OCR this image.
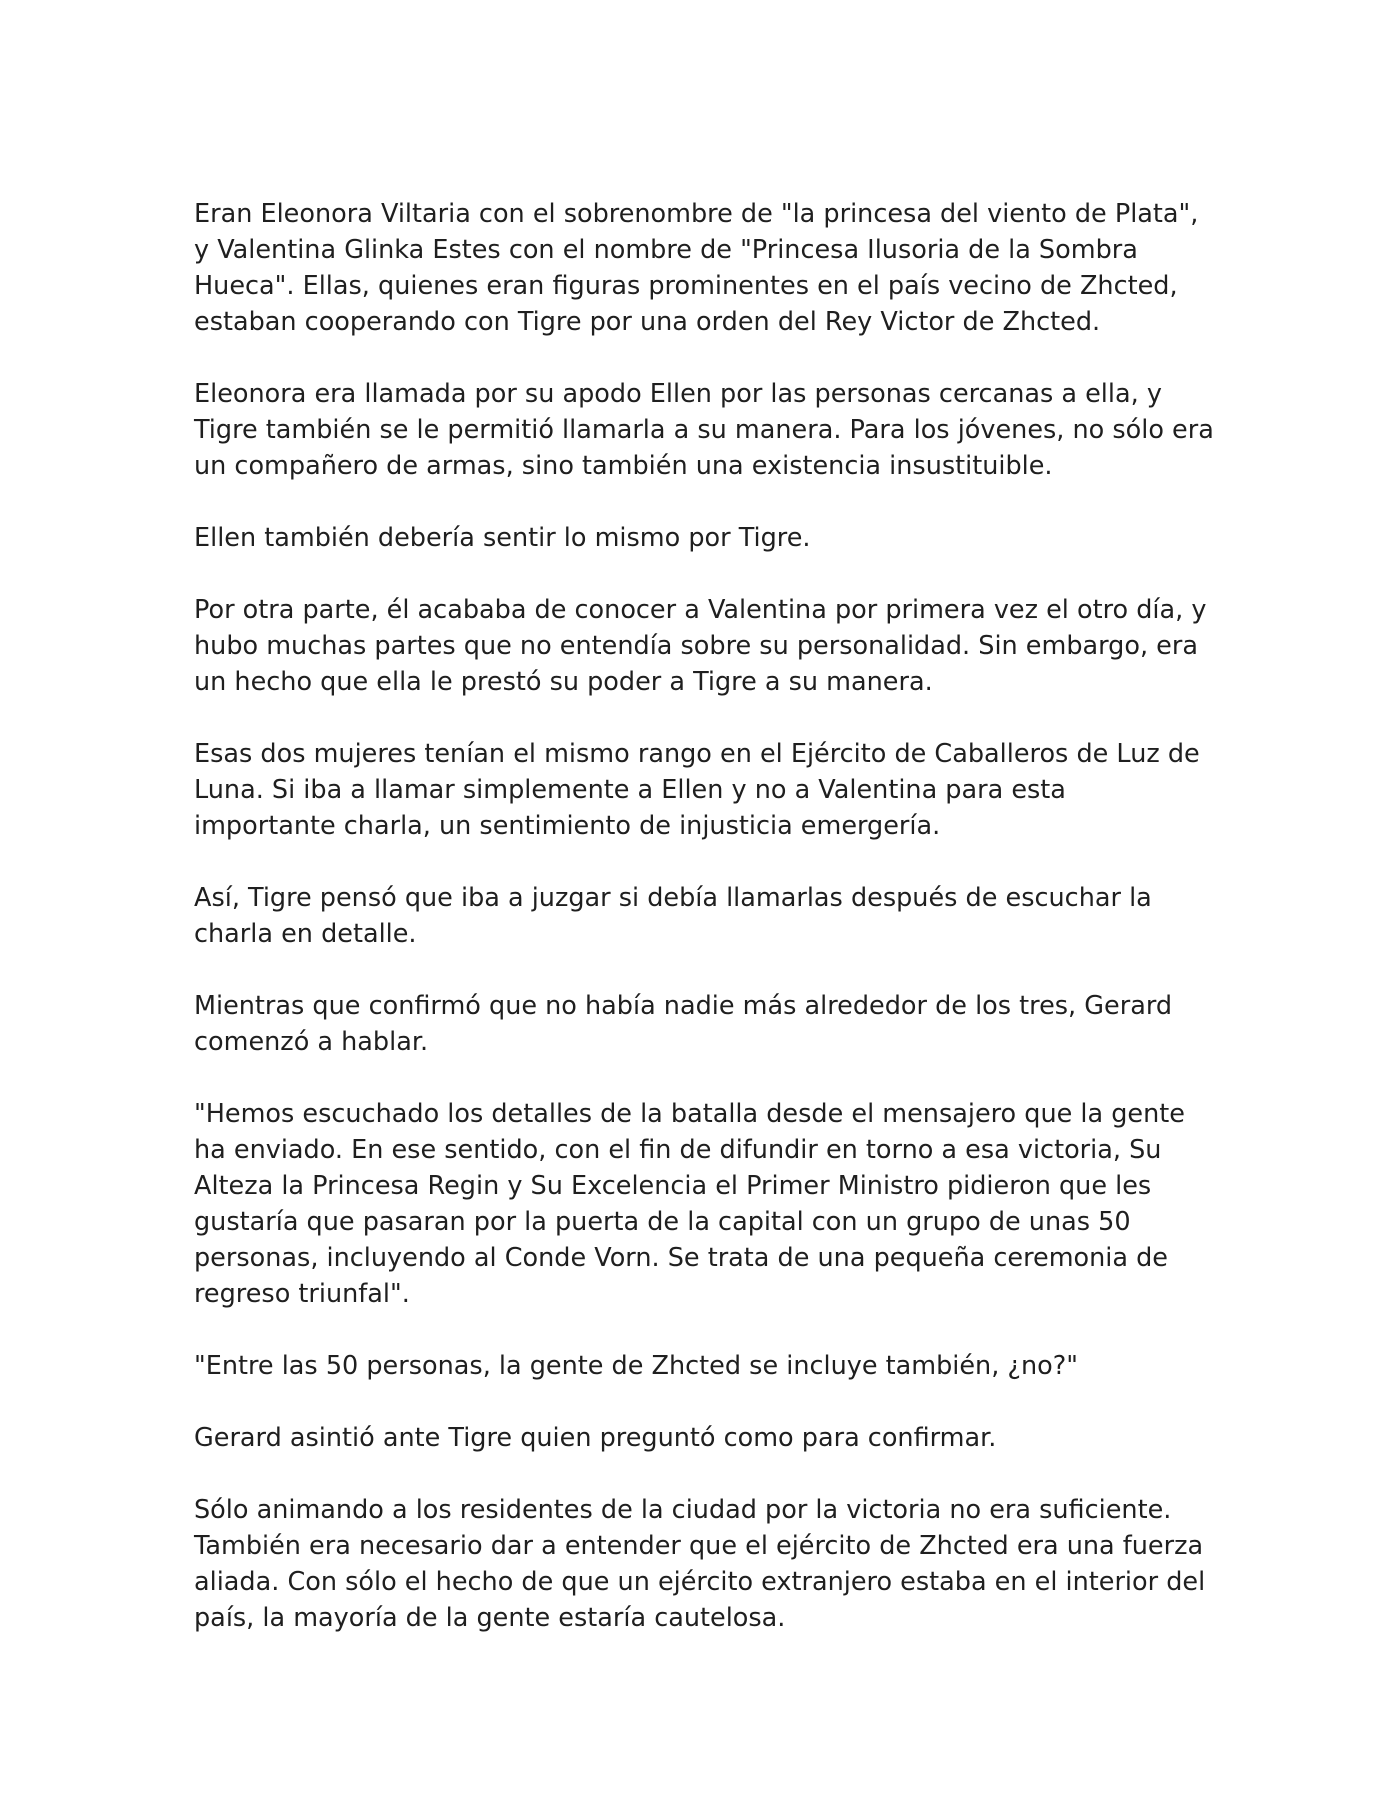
Eran Eleonora Viltaria con el sobrenombre de "la princesa del viento de Plata", y Valentina Glinka Estes con el nombre de "Princesa Ilusoria de la Sombra Hueca". Ellas, quienes eran figuras prominentes en el país vecino de Zhcted, estaban cooperando con Tigre por una orden del Rey Victor de Zhcted.

Eleonora era llamada por su apodo Ellen por las personas cercanas a ella, y Tigre también se le permitió llamarla a su manera. Para los jóvenes, no sólo era un compañero de armas, sino también una existencia insustituible.

Ellen también debería sentir lo mismo por Tigre.

Por otra parte, él acababa de conocer a Valentina por primera vez el otro día, y hubo muchas partes que no entendía sobre su personalidad. Sin embargo, era un hecho que ella le prestó su poder a Tigre a su manera.

Esas dos mujeres tenían el mismo rango en el Ejército de Caballeros de Luz de Luna. Si iba a llamar simplemente a Ellen y no a Valentina para esta importante charla, un sentimiento de injusticia emergería.

Así, Tigre pensó que iba a juzgar si debía llamarlas después de escuchar la charla en detalle.

Mientras que confirmó que no había nadie más alrededor de los tres, Gerard comenzó a hablar.

"Hemos escuchado los detalles de la batalla desde el mensajero que la gente ha enviado. En ese sentido, con el fin de difundir en torno a esa victoria, Su Alteza la Princesa Regin y Su Excelencia el Primer Ministro pidieron que les gustaría que pasaran por la puerta de la capital con un grupo de unas 50 personas, incluyendo al Conde Vorn. Se trata de una pequeña ceremonia de regreso triunfal".

"Entre las 50 personas, la gente de Zhcted se incluye también, ¿no?"

Gerard asintió ante Tigre quien preguntó como para confirmar.

Sólo animando a los residentes de la ciudad por la victoria no era suficiente. También era necesario dar a entender que el ejército de Zhcted era una fuerza aliada. Con sólo el hecho de que un ejército extranjero estaba en el interior del país, la mayoría de la gente estaría cautelosa.
